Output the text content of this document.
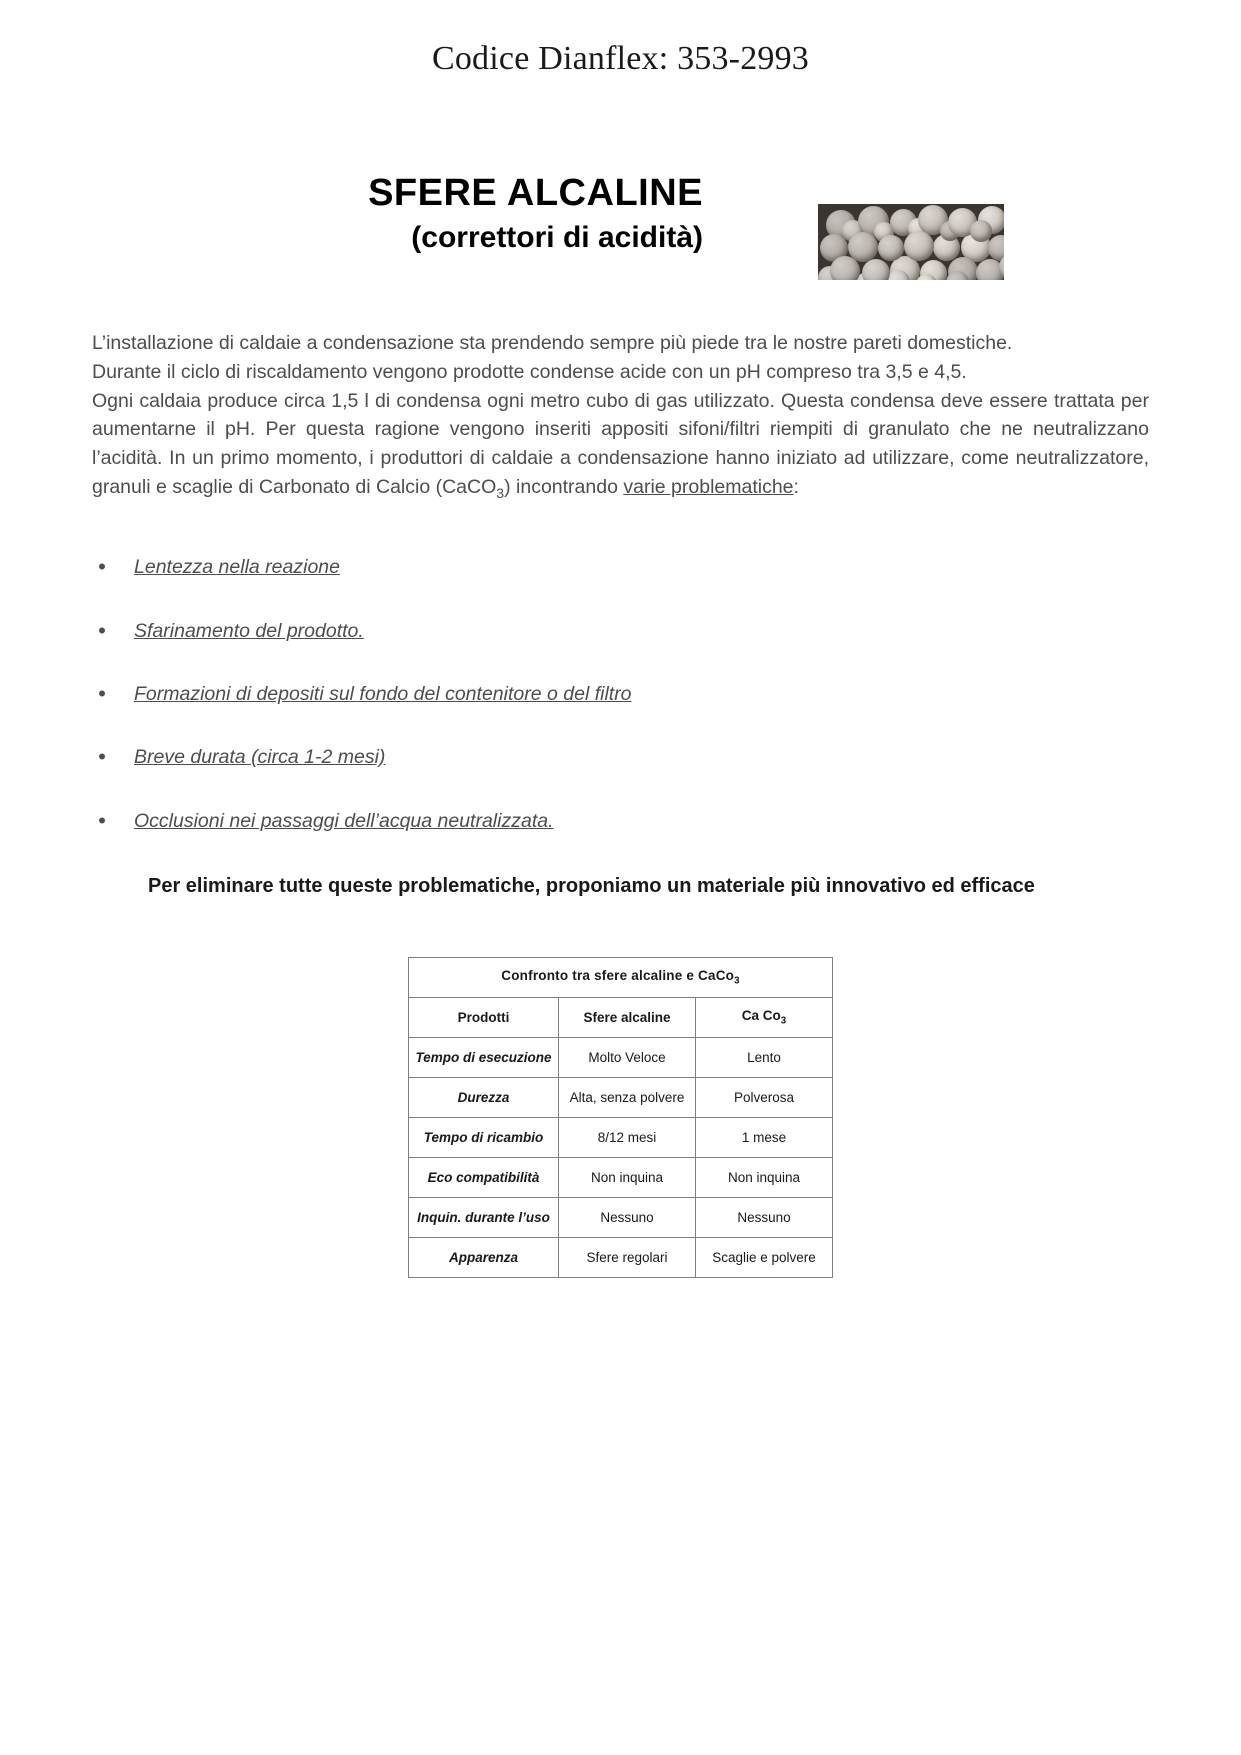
Codice Dianflex: 353-2993
SFERE ALCALINE
(correttori di acidità)

L’installazione di caldaie a condensazione sta prendendo sempre più piede tra le nostre pareti domestiche.

Durante il ciclo di riscaldamento vengono prodotte condense acide con un pH compreso tra 3,5 e 4,5.

Ogni caldaia produce circa 1,5 l di condensa ogni metro cubo di gas utilizzato. Questa condensa deve essere trattata per aumentarne il pH. Per questa ragione vengono inseriti appositi sifoni/filtri riempiti di granulato che ne neutralizzano l’acidità. In un primo momento, i produttori di caldaie a condensazione hanno iniziato ad utilizzare, come neutralizzatore, granuli e scaglie di Carbonato di Calcio (CaCO$_3$) incontrando varie problematiche:

• Lentezza nella reazione
• Sfarinamento del prodotto.
• Formazioni di depositi sul fondo del contenitore o del filtro
• Breve durata (circa 1-2 mesi)
• Occlusioni nei passaggi dell’acqua neutralizzata.

Per eliminare tutte queste problematiche, proponiamo un materiale più innovativo ed efficace

Confronto tra sfere alcaline e CaCo$_3$
Prodotti	Sfere alcaline	Ca $Co_3$
Tempo di esecuzione	Molto Veloce	Lento
Durezza	Alta, senza polvere	Polverosa
Tempo di ricambio	8/12 mesi	1 mese
Eco compatibilità	Non inquina	Non inquina
Inquin. durante l’uso	Nessuno	Nessuno
Apparenza	Sfere regolari	Scaglie e polvere
